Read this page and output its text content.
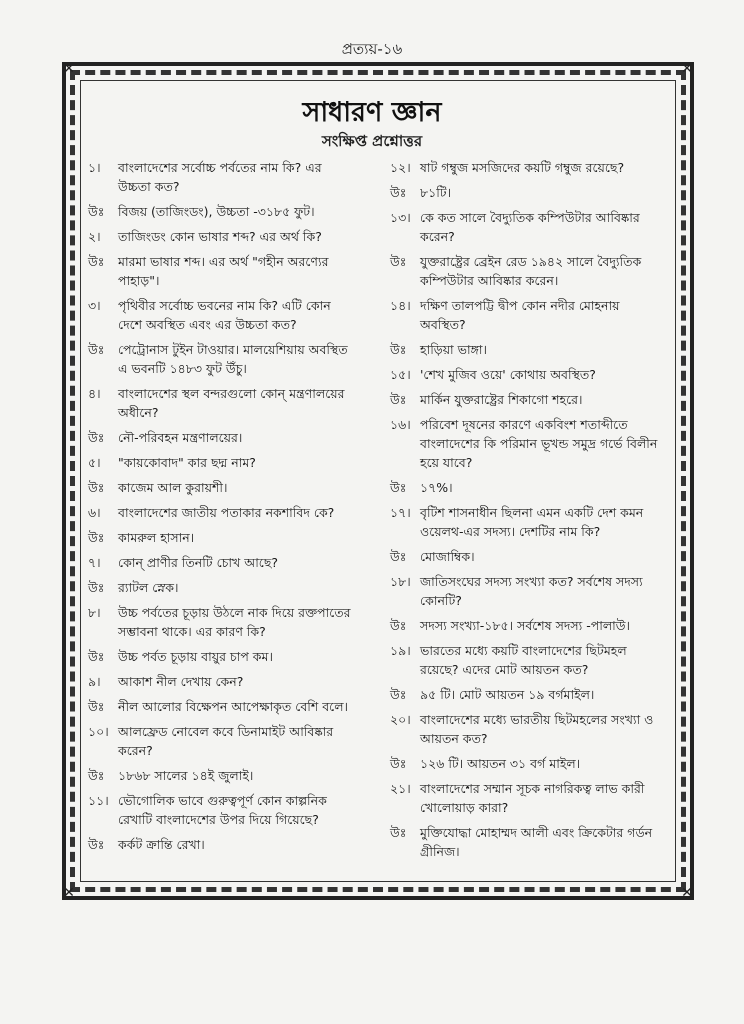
প্রত্যয়-১৬
✕	✕
✕	✕
সাধারণ জ্ঞান
সংক্ষিপ্ত প্রশ্নোত্তর
১।	বাংলাদেশের সর্বোচ্চ পর্বতের নাম কি? এর উচ্চতা কত?
উঃ	বিজয় (তাজিংডং), উচ্চতা -৩১৮৫ ফুট।
২।	তাজিংডং কোন ভাষার শব্দ? এর অর্থ কি?
উঃ	মারমা ভাষার শব্দ। এর অর্থ "গহীন অরণ্যের পাহাড়"।
৩।	পৃথিবীর সর্বোচ্চ ভবনের নাম কি? এটি কোন দেশে অবস্থিত এবং এর উচ্চতা কত?
উঃ	পেট্রোনাস টুইন টাওয়ার। মালয়েশিয়ায় অবস্থিত এ ভবনটি ১৪৮৩ ফুট উঁচু।
৪।	বাংলাদেশের স্থল বন্দরগুলো কোন্ মন্ত্রণালয়ের অধীনে?
উঃ	নৌ-পরিবহন মন্ত্রণালয়ের।
৫।	"কায়কোবাদ" কার ছদ্ম নাম?
উঃ	কাজেম আল কুরায়শী।
৬।	বাংলাদেশের জাতীয় পতাকার নকশাবিদ কে?
উঃ	কামরুল হাসান।
৭।	কোন্ প্রাণীর তিনটি চোখ আছে?
উঃ	র‍্যাটল স্নেক।
৮।	উচ্চ পর্বতের চূড়ায় উঠলে নাক দিয়ে রক্তপাতের সম্ভাবনা থাকে। এর কারণ কি?
উঃ	উচ্চ পর্বত চূড়ায় বায়ুর চাপ কম।
৯।	আকাশ নীল দেখায় কেন?
উঃ	নীল আলোর বিক্ষেপন আপেক্ষাকৃত বেশি বলে।
১০। আলফ্রেড নোবেল কবে ডিনামাইট আবিষ্কার করেন?
উঃ	১৮৬৮ সালের ১৪ই জুলাই।
১১। ভৌগোলিক ভাবে গুরুত্বপূর্ণ কোন কাল্পনিক রেখাটি বাংলাদেশের উপর দিয়ে গিয়েছে?
উঃ	কর্কট ক্রান্তি রেখা।
১২। ষাট গম্বুজ মসজিদের কয়টি গম্বুজ রয়েছে?
উঃ	৮১টি।
১৩। কে কত সালে বৈদ্যুতিক কম্পিউটার আবিষ্কার করেন?
উঃ	যুক্তরাষ্ট্রের ব্রেইন রেড ১৯৪২ সালে বৈদ্যুতিক কম্পিউটার আবিষ্কার করেন।
১৪। দক্ষিণ তালপট্টি দ্বীপ কোন নদীর মোহনায় অবস্থিত?
উঃ	হাড়িয়া ভাঙ্গা।
১৫। 'শেখ মুজিব ওয়ে' কোথায় অবস্থিত?
উঃ	মার্কিন যুক্তরাষ্ট্রের শিকাগো শহরে।
১৬। পরিবেশ দূষনের কারণে একবিংশ শতাব্দীতে বাংলাদেশের কি পরিমান ভূখন্ড সমুদ্র গর্ভে বিলীন হয়ে যাবে?
উঃ	১৭%।
১৭। বৃটিশ শাসনাধীন ছিলনা এমন একটি দেশ কমন ওয়েলথ-এর সদস্য। দেশটির নাম কি?
উঃ	মোজাম্বিক।
১৮। জাতিসংঘের সদস্য সংখ্যা কত? সর্বশেষ সদস্য কোনটি?
উঃ	সদস্য সংখ্যা-১৮৫। সর্বশেষ সদস্য -পালাউ।
১৯। ভারতের মধ্যে কয়টি বাংলাদেশের ছিটমহল রয়েছে? এদের মোট আয়তন কত?
উঃ	৯৫ টি। মোট আয়তন ১৯ বর্গমাইল।
২০। বাংলাদেশের মধ্যে ভারতীয় ছিটমহলের সংখ্যা ও আয়তন কত?
উঃ	১২৬ টি। আয়তন ৩১ বর্গ মাইল।
২১। বাংলাদেশের সম্মান সূচক নাগরিকত্ব লাভ কারী খোলোয়াড় কারা?
উঃ	মুক্তিযোদ্ধা মোহাম্মদ আলী এবং ক্রিকেটার গর্ডন গ্রীনিজ।
